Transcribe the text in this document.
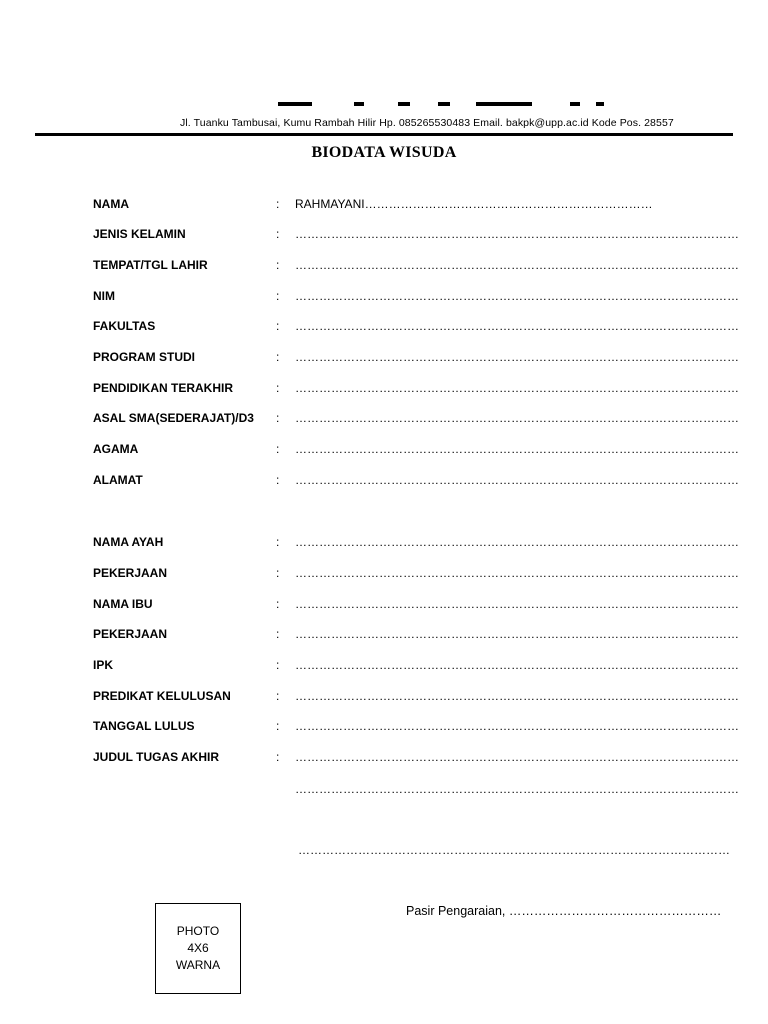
Jl. Tuanku Tambusai, Kumu Rambah Hilir Hp. 085265530483 Email. bakpk@upp.ac.id Kode Pos. 28557
BIODATA WISUDA
NAMA	: RAHMAYANI………………………………………………………………
JENIS KELAMIN	: …………………………………………………………………………………………………
TEMPAT/TGL LAHIR	: …………………………………………………………………………………………………
NIM	: …………………………………………………………………………………………………
FAKULTAS	: …………………………………………………………………………………………………
PROGRAM STUDI	: …………………………………………………………………………………………………
PENDIDIKAN TERAKHIR	: …………………………………………………………………………………………………
ASAL SMA(SEDERAJAT)/D3 : …………………………………………………………………………………………………
AGAMA	: …………………………………………………………………………………………………
ALAMAT	: …………………………………………………………………………………………………
NAMA AYAH	: …………………………………………………………………………………………………
PEKERJAAN	: …………………………………………………………………………………………………
NAMA IBU	: …………………………………………………………………………………………………
PEKERJAAN	: …………………………………………………………………………………………………
IPK	: …………………………………………………………………………………………………
PREDIKAT KELULUSAN	: …………………………………………………………………………………………………
TANGGAL LULUS	: …………………………………………………………………………………………………
JUDUL TUGAS AKHIR	: …………………………………………………………………………………………………
…………………………………………………………………………………………………
………………………………………………………………………………………………
Pasir Pengaraian, ……………………………………………
PHOTO
4X6
WARNA
